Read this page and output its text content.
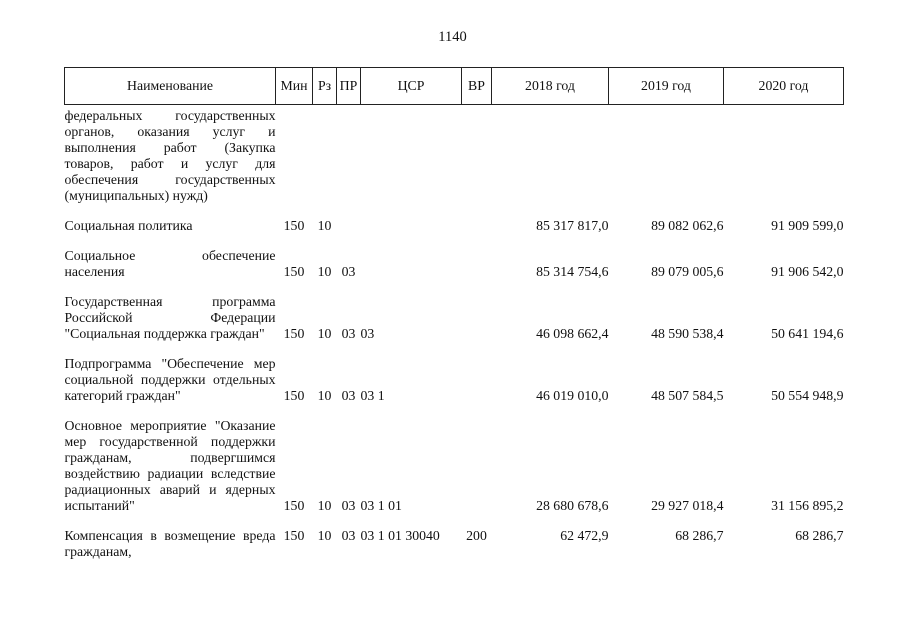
1140
Наименование	Мин	Рз	ПР	ЦСР	ВР	2018 год	2019 год	2020 год
федеральных государственных органов, оказания услуг и выполнения работ (Закупка товаров, работ и услуг для обеспечения государственных (муниципальных) нужд)								
Социальная политика	150	10				85 317 817,0	89 082 062,6	91 909 599,0
Социальное обеспечение населения	150	10	03			85 314 754,6	89 079 005,6	91 906 542,0
Государственная программа Российской Федерации "Социальная поддержка граждан"	150	10	03	03		46 098 662,4	48 590 538,4	50 641 194,6
Подпрограмма "Обеспечение мер социальной поддержки отдельных категорий граждан"	150	10	03	03 1		46 019 010,0	48 507 584,5	50 554 948,9
Основное мероприятие "Оказание мер государственной поддержки гражданам, подвергшимся воздействию радиации вследствие радиационных аварий и ядерных испытаний"	150	10	03	03 1 01		28 680 678,6	29 927 018,4	31 156 895,2
Компенсация в возмещение вреда гражданам,	150	10	03	03 1 01 30040	200	62 472,9	68 286,7	68 286,7
